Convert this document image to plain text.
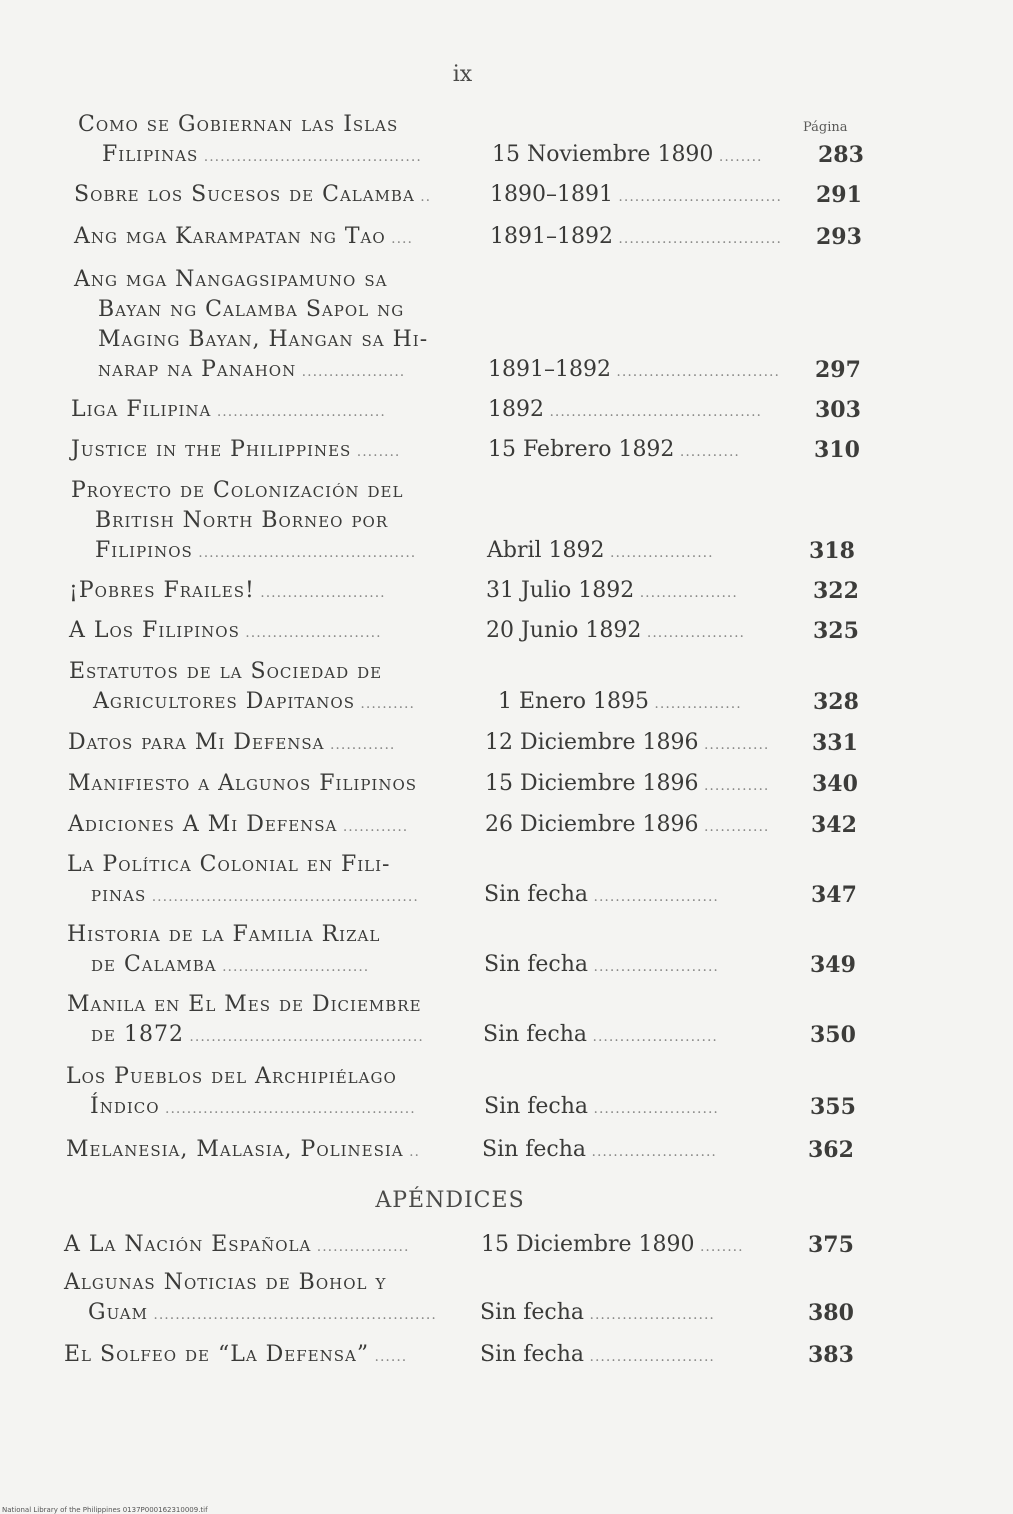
ix
Página
Como se Gobiernan las Islas
Filipinas ........................................	15 Noviembre 1890 ........	283
Sobre los Sucesos de Calamba ..	1890–1891 .............................. 291
Ang mga Karampatan ng Tao ....	1891–1892 .............................. 293
Ang mga Nangagsipamuno sa
Bayan ng Calamba Sapol ng
Maging Bayan, Hangan sa Hi-
narap na Panahon ...................	1891–1892 .............................. 297
Liga Filipina ...............................	1892 ....................................... 303
Justice in the Philippines ........	15 Febrero 1892 ...........	310
Proyecto de Colonización del
British North Borneo por
Filipinos ........................................	Abril 1892 ...................	318
¡Pobres Frailes! .......................	31 Julio 1892 ..................	322
A Los Filipinos .........................	20 Junio 1892 ..................	325
Estatutos de la Sociedad de
Agricultores Dapitanos ..........	1 Enero 1895 ................	328
Datos para Mi Defensa ............	12 Diciembre 1896 ............ 331
Manifiesto a Algunos Filipinos	15 Diciembre 1896 ............ 340
Adiciones A Mi Defensa ............	26 Diciembre 1896 ............ 342
La Política Colonial en Fili-
pinas .................................................	Sin fecha .......................	347
Historia de la Familia Rizal
de Calamba ...........................	Sin fecha .......................	349
Manila en El Mes de Diciembre
de 1872 ...........................................	Sin fecha .......................	350
Los Pueblos del Archipiélago
Índico ..............................................	Sin fecha .......................	355
Melanesia, Malasia, Polinesia ..	Sin fecha .......................	362
APÉNDICES
A La Nación Española .................	15 Diciembre 1890 ........	375
Algunas Noticias de Bohol y
Guam .................................................... Sin fecha .......................	380
El Solfeo de “La Defensa” ......	Sin fecha .......................	383
National Library of the Philippines 0137P000162310009.tif
